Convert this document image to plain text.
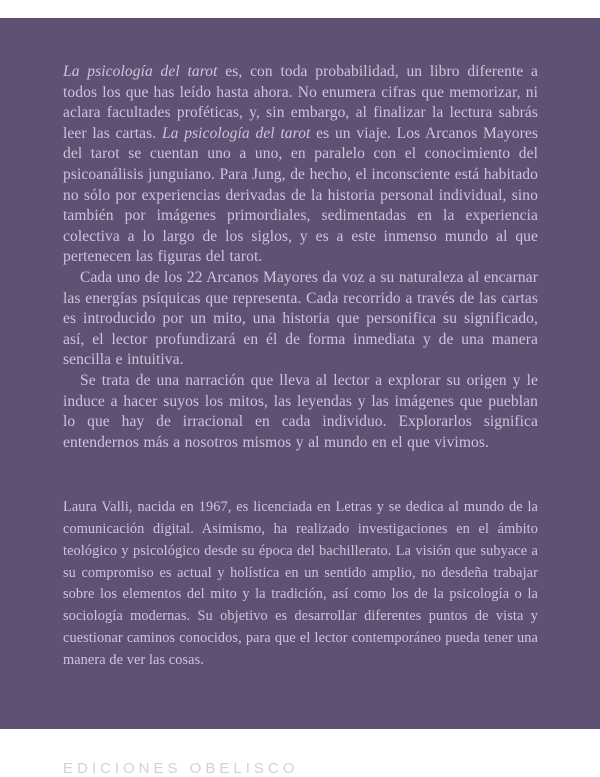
La psicología del tarot es, con toda probabilidad, un libro diferente a todos los que has leído hasta ahora. No enumera cifras que memorizar, ni aclara facultades proféticas, y, sin embargo, al finalizar la lectura sabrás leer las cartas. La psicología del tarot es un viaje. Los Arcanos Mayores del tarot se cuentan uno a uno, en paralelo con el conocimiento del psicoanálisis junguiano. Para Jung, de hecho, el inconsciente está habitado no sólo por experiencias derivadas de la historia personal individual, sino también por imágenes primordiales, sedimentadas en la experiencia colectiva a lo largo de los siglos, y es a este inmenso mundo al que pertenecen las figuras del tarot.

Cada uno de los 22 Arcanos Mayores da voz a su naturaleza al encarnar las energías psíquicas que representa. Cada recorrido a través de las cartas es introducido por un mito, una historia que personifica su significado, así, el lector profundizará en él de forma inmediata y de una manera sencilla e intuitiva.

Se trata de una narración que lleva al lector a explorar su origen y le induce a hacer suyos los mitos, las leyendas y las imágenes que pueblan lo que hay de irracional en cada individuo. Explorarlos significa entendernos más a nosotros mismos y al mundo en el que vivimos.

Laura Valli, nacida en 1967, es licenciada en Letras y se dedica al mundo de la comunicación digital. Asimismo, ha realizado investigaciones en el ámbito teológico y psicológico desde su época del bachillerato. La visión que subyace a su compromiso es actual y holística en un sentido amplio, no desdeña trabajar sobre los elementos del mito y la tradición, así como los de la psicología o la sociología modernas. Su objetivo es desarrollar diferentes puntos de vista y cuestionar caminos conocidos, para que el lector contemporáneo pueda tener una manera de ver las cosas.
EDICIONES OBELISCO
